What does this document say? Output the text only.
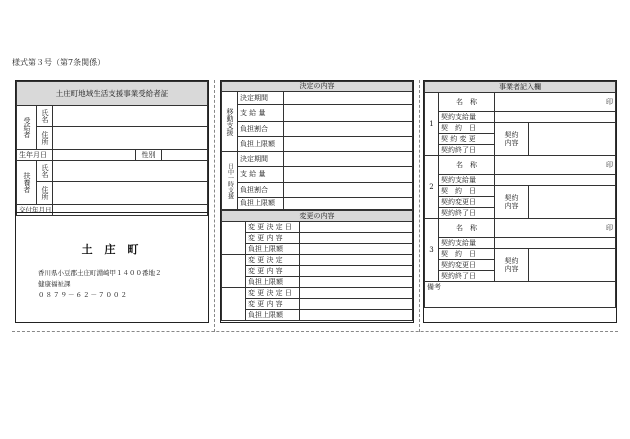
様式第３号（第7条関係）
土庄町地域生活支援事業受給者証				
受給者	氏名			
	住所			
生年月日			性別	
扶養者	氏名			
	住所			
交付年月日				
土 庄 町
香川県小豆郡土庄町淵崎甲１４００番地２
健康福祉課
０８７９－６２－７００２
決定の内容		
移動支援	決定期間	
	支 給 量	
	負担割合	
	負担上限額	
日中一時支援	決定期間	
	支 給 量	
	負担割合	
	負担上限額	
変更の内容		
	変 更 決 定 日	
	変 更 内 容	
	負担上限額	
	変 更 決 定	
	変 更 内 容	
	負担上限額	
	変 更 決 定 日	
	変 更 内 容	
	負担上限額	
事業者記入欄			
1	名　称	印	
	契約支給量		
	契　約　日	契約
内容	
	契 約 変 更		
	契約終了日		
2	名　称	印	
	契約支給量		
	契　約　日	契約
内容	
	契約変更日		
	契約終了日		
3	名　称	印	
	契約支給量		
	契　約　日	契約
内容	
	契約変更日		
	契約終了日		
備考			
